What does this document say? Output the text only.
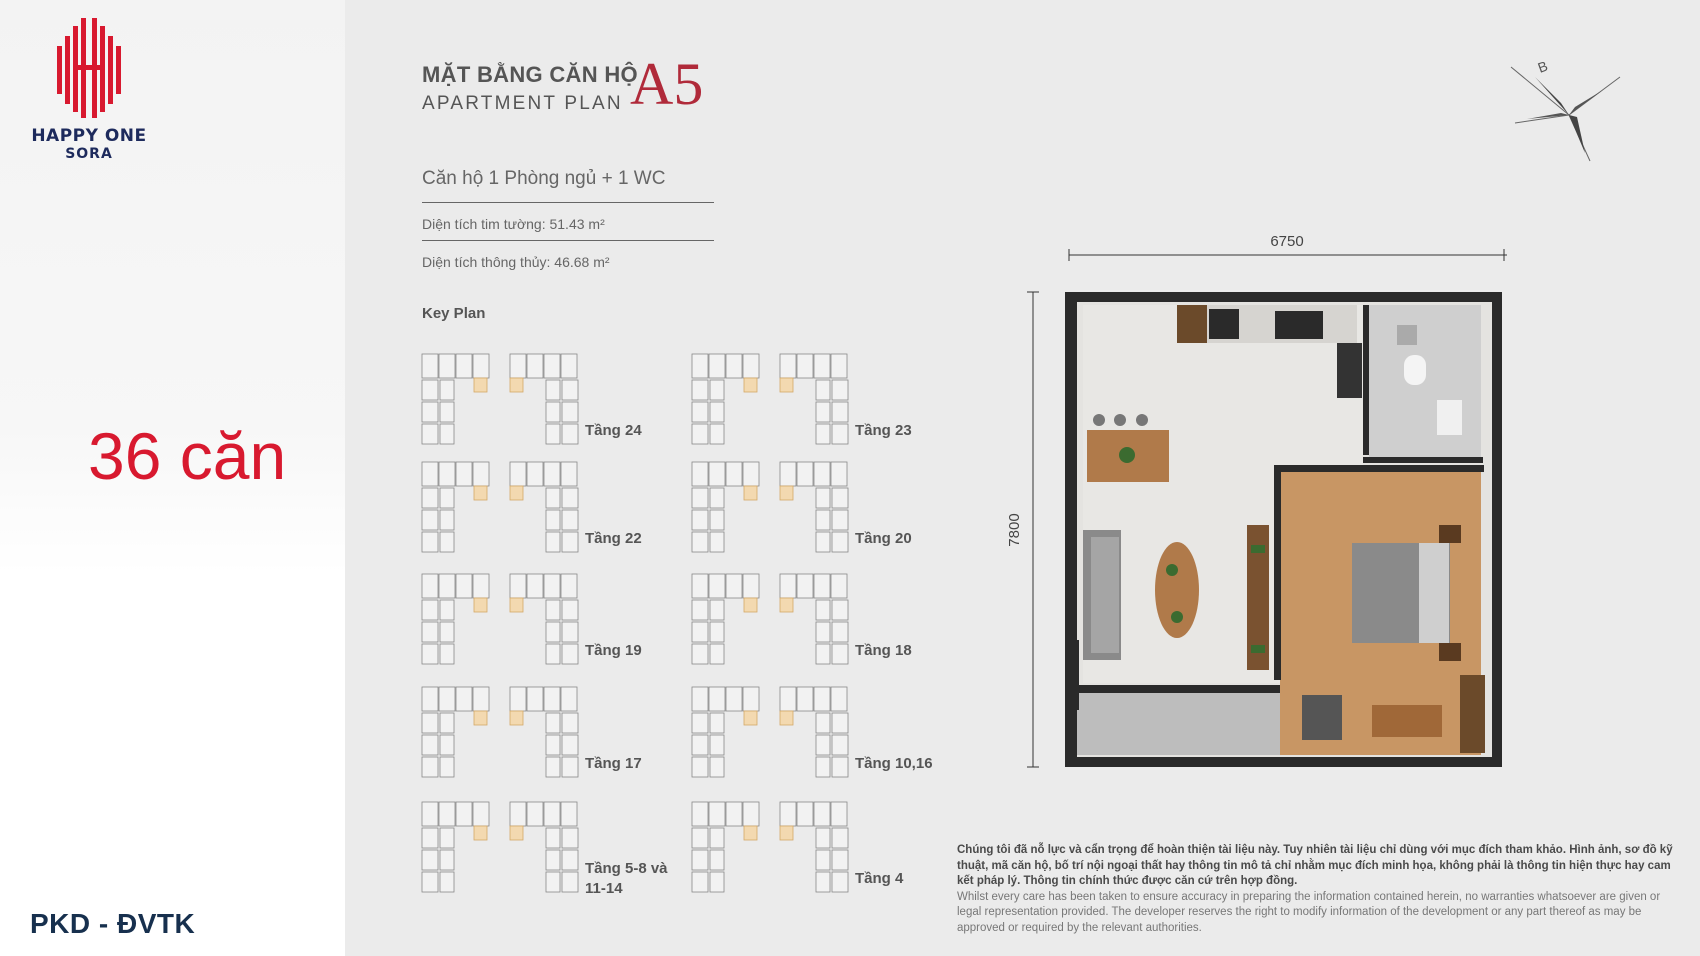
HAPPY ONE
SORA
36 căn
PKD - ĐVTK
MẶT BẰNG CĂN HỘ
APARTMENT PLAN A5
Căn hộ 1 Phòng ngủ + 1 WC
Diện tích tim tường: 51.43 m²
Diện tích thông thủy: 46.68 m²
Key Plan
Tầng 24	Tầng 23
Tầng 22	Tầng 20
Tầng 19	Tầng 18
Tầng 17	Tầng 10,16
Tầng 5-8 và
11-14
Tầng 4
B
6750
7800
Chúng tôi đã nỗ lực và cẩn trọng để hoàn thiện tài liệu này. Tuy nhiên tài liệu chỉ dùng với mục đích tham khảo. Hình ảnh, sơ đồ kỹ thuật, mã căn hộ, bố trí nội ngoại thất hay thông tin mô tả chỉ nhằm mục đích minh họa, không phải là thông tin hiện thực hay cam kết pháp lý. Thông tin chính thức được căn cứ trên hợp đồng.
Whilst every care has been taken to ensure accuracy in preparing the information contained herein, no warranties whatsoever are given or legal representation provided. The developer reserves the right to modify information of the development or any part thereof as may be approved or required by the relevant authorities.
